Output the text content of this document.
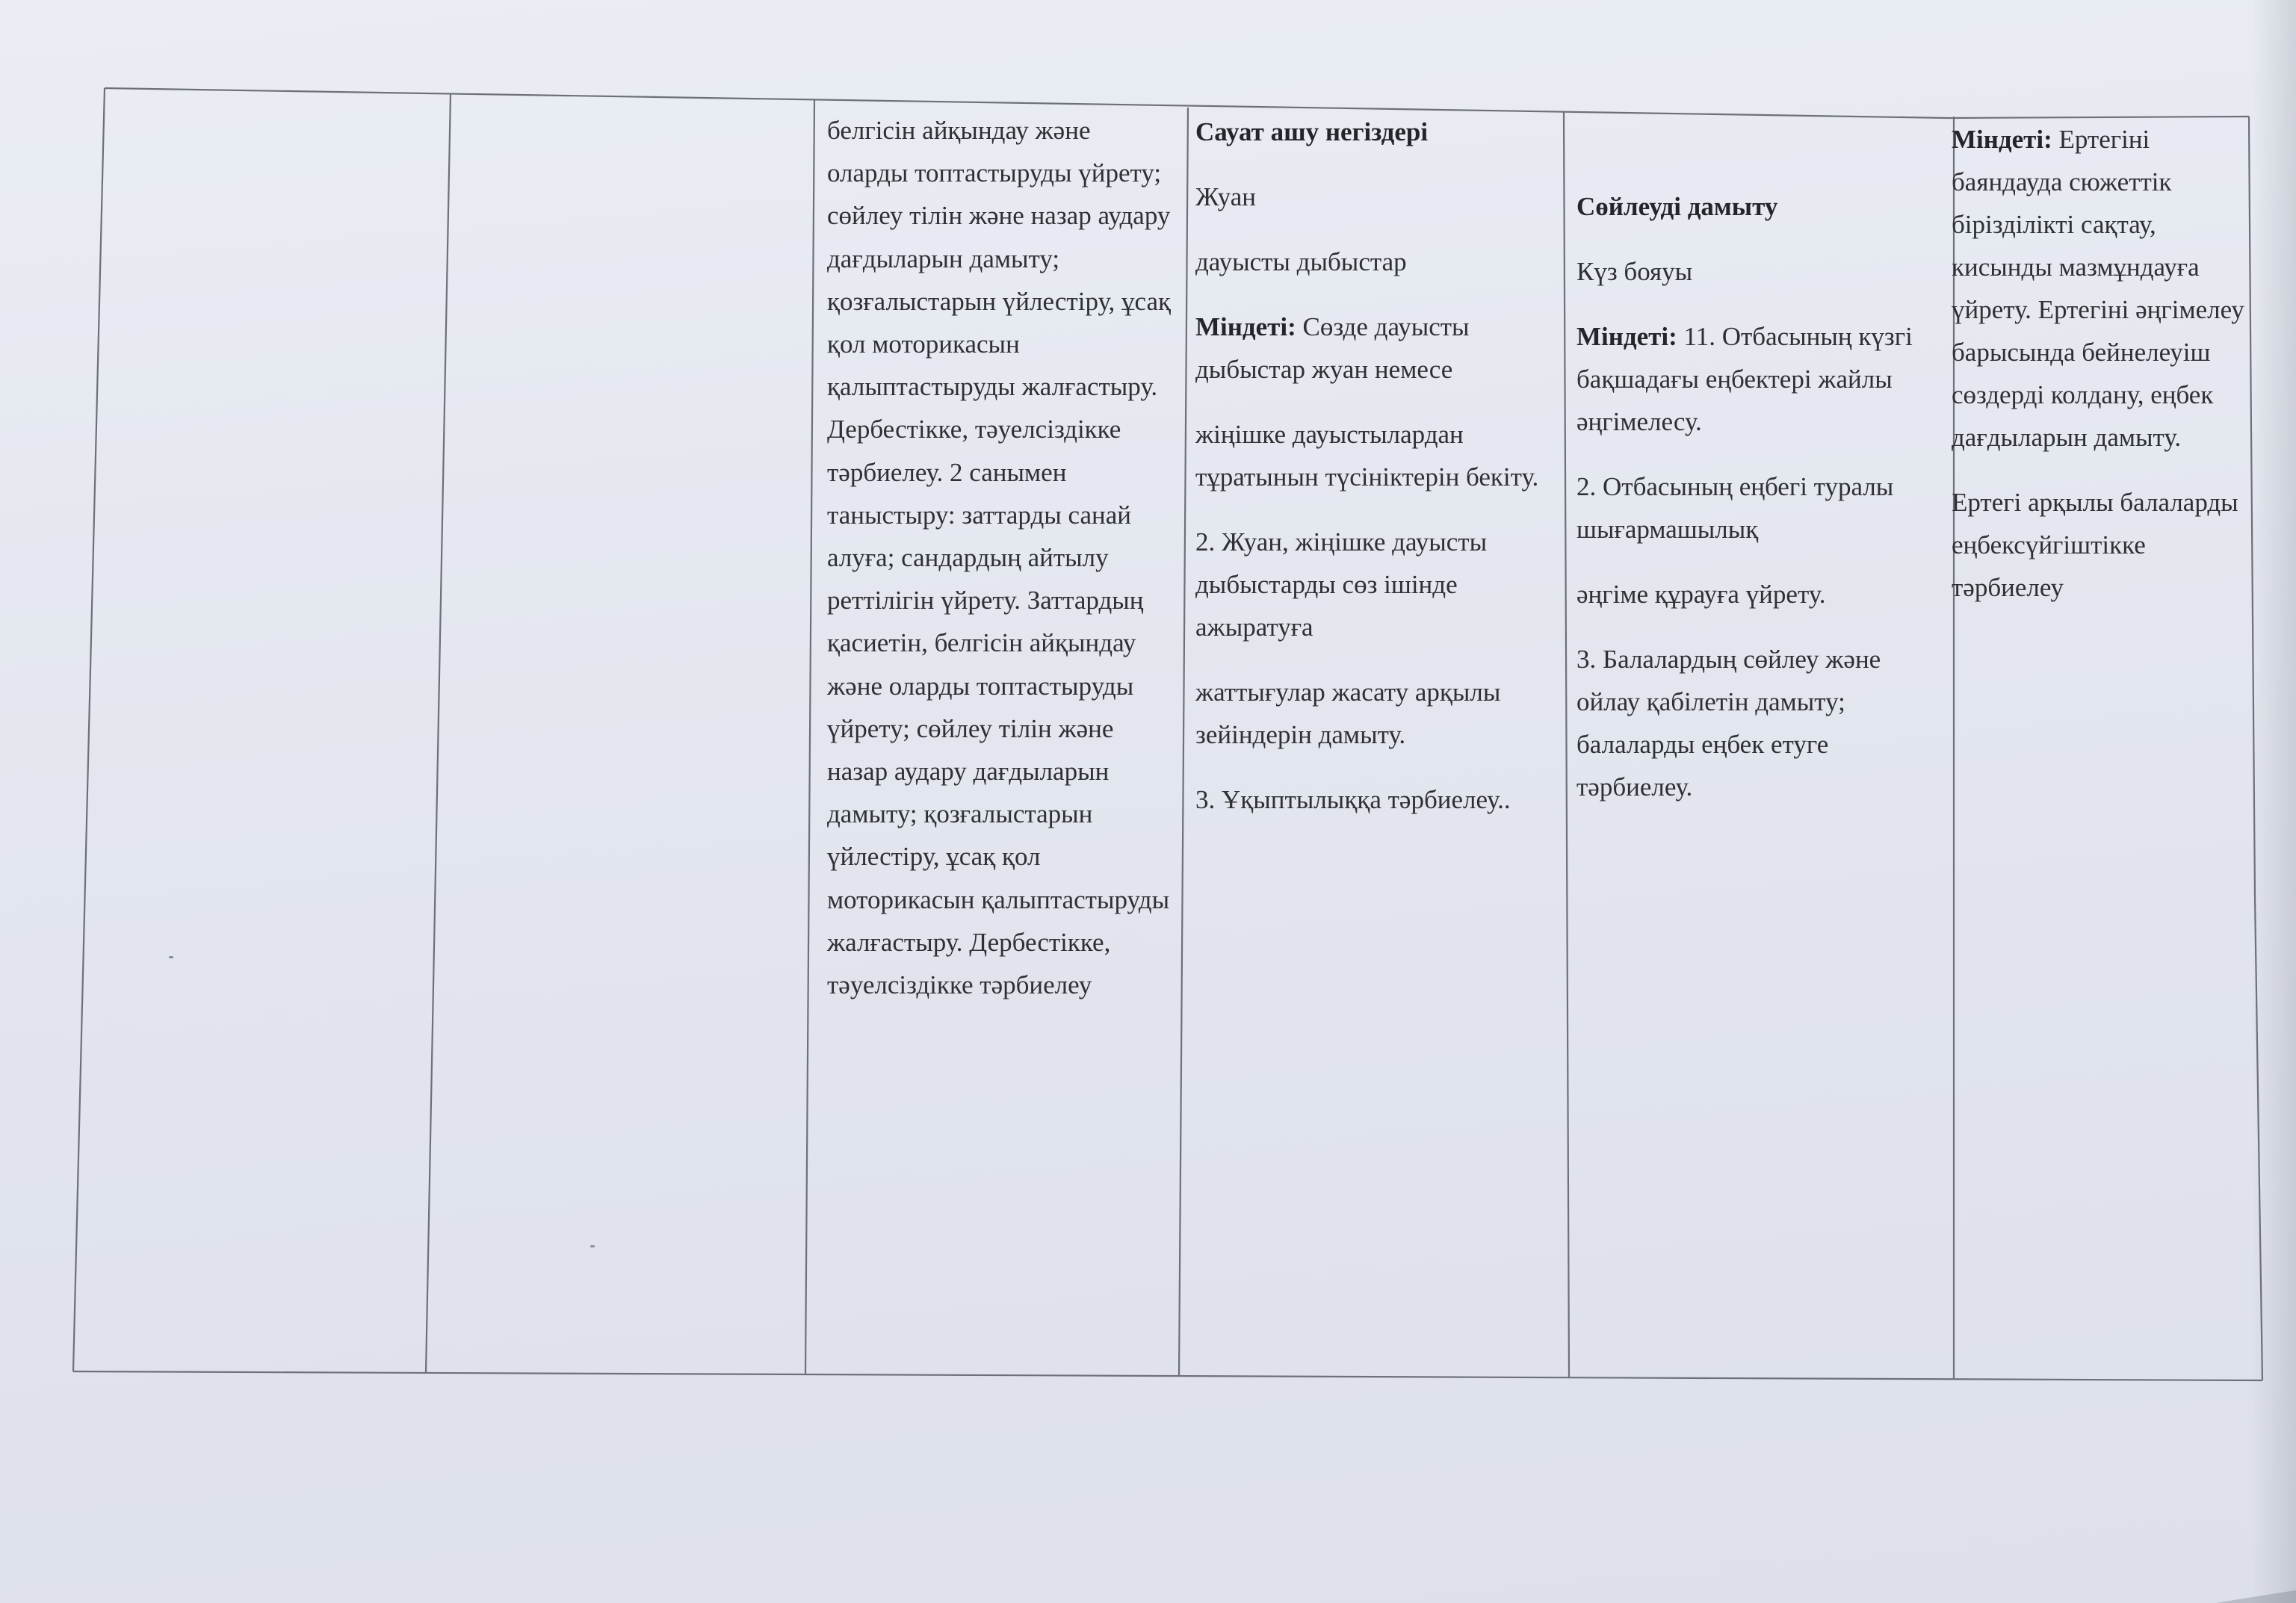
белгісін айқындау және оларды топтастыруды үйрету; сөйлеу тілін және назар аудару дағдыларын дамыту; қозғалыстарын үйлестіру, ұсақ қол моторикасын қалыптастыруды жалғастыру. Дербестікке, тәуелсіздікке тәрбиелеу. 2 санымен таныстыру: заттарды санай алуға; сандардың айтылу реттілігін үйрету. Заттардың қасиетін, белгісін айқындау және оларды топтастыруды үйрету; сөйлеу тілін және назар аудару дағдыларын дамыту; қозғалыстарын үйлестіру, ұсақ қол моторикасын қалыптастыруды жалғастыру. Дербестікке, тәуелсіздікке тәрбиелеу

Сауат ашу негіздері

Жуан

дауысты дыбыстар

Міндеті: Сөзде дауысты дыбыстар жуан немесе

жіңішке дауыстылардан тұратынын түсініктерін бекіту.

2. Жуан, жіңішке дауысты дыбыстарды сөз ішінде ажыратуға

жаттығулар жасату арқылы зейіндерін дамыту.

3. Ұқыптылыққа тәрбиелеу..

Сөйлеуді дамыту

Күз бояуы

Міндеті: 11. Отбасының күзгі бақшадағы еңбектері жайлы әңгімелесу.

2. Отбасының еңбегі туралы шығармашылық

әңгіме құрауға үйрету.

3. Балалардың сөйлеу және ойлау қабілетін дамыту; балаларды еңбек етуге тәрбиелеу.

Міндеті: Ертегіні баяндауда сюжеттік бірізділікті сақтау, кисынды мазмұндауға үйрету. Ертегіні әңгімелеу барысында бейнелеуіш сөздерді колдану, еңбек дағдыларын дамыту.

Ертегі арқылы балаларды еңбексүйгіштікке тәрбиелеу
